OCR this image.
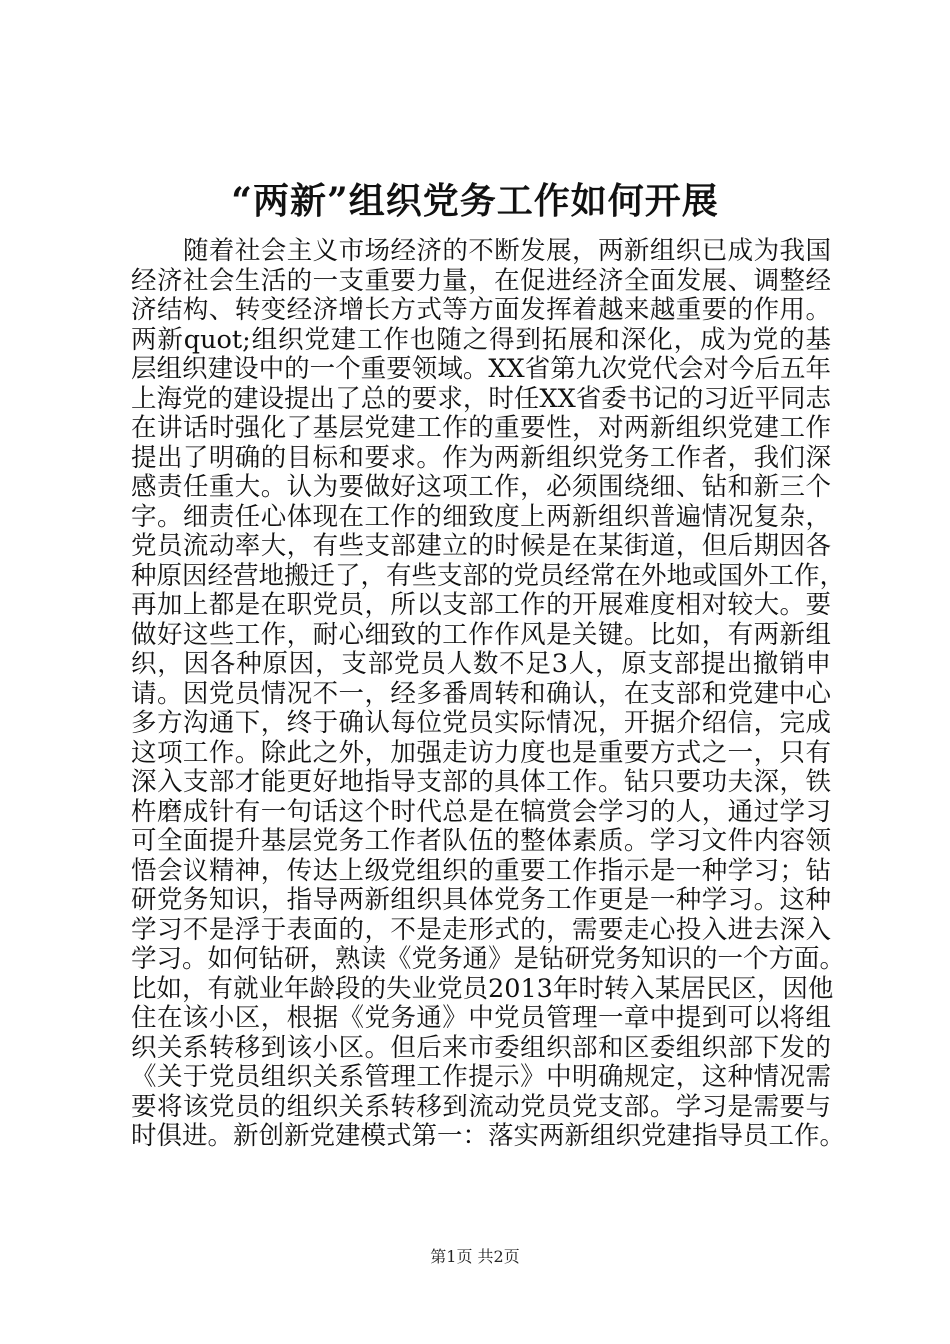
“两新”组织党务工作如何开展
随着社会主义市场经济的不断发展，两新组织已成为我国
经济社会生活的一支重要力量，在促进经济全面发展、调整经
济结构、转变经济增长方式等方面发挥着越来越重要的作用。
两新quot;组织党建工作也随之得到拓展和深化，成为党的基
层组织建设中的一个重要领域。XX省第九次党代会对今后五年
上海党的建设提出了总的要求，时任XX省委书记的习近平同志
在讲话时强化了基层党建工作的重要性，对两新组织党建工作
提出了明确的目标和要求。作为两新组织党务工作者，我们深
感责任重大。认为要做好这项工作，必须围绕细、钻和新三个
字。细责任心体现在工作的细致度上两新组织普遍情况复杂，
党员流动率大，有些支部建立的时候是在某街道，但后期因各
种原因经营地搬迁了，有些支部的党员经常在外地或国外工作，
再加上都是在职党员，所以支部工作的开展难度相对较大。要
做好这些工作，耐心细致的工作作风是关键。比如，有两新组
织，因各种原因，支部党员人数不足3人，原支部提出撤销申
请。因党员情况不一，经多番周转和确认，在支部和党建中心
多方沟通下，终于确认每位党员实际情况，开据介绍信，完成
这项工作。除此之外，加强走访力度也是重要方式之一，只有
深入支部才能更好地指导支部的具体工作。钻只要功夫深，铁
杵磨成针有一句话这个时代总是在犒赏会学习的人，通过学习
可全面提升基层党务工作者队伍的整体素质。学习文件内容领
悟会议精神，传达上级党组织的重要工作指示是一种学习；钻
研党务知识，指导两新组织具体党务工作更是一种学习。这种
学习不是浮于表面的，不是走形式的，需要走心投入进去深入
学习。如何钻研，熟读《党务通》是钻研党务知识的一个方面。
比如，有就业年龄段的失业党员2013年时转入某居民区，因他
住在该小区，根据《党务通》中党员管理一章中提到可以将组
织关系转移到该小区。但后来市委组织部和区委组织部下发的
《关于党员组织关系管理工作提示》中明确规定，这种情况需
要将该党员的组织关系转移到流动党员党支部。学习是需要与
时俱进。新创新党建模式第一：落实两新组织党建指导员工作。
第1页 共2页
